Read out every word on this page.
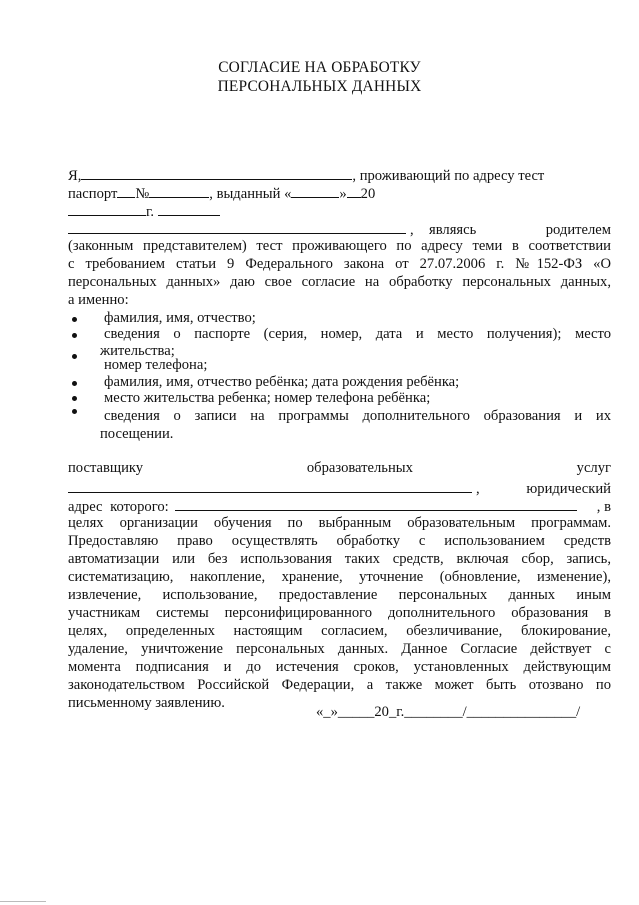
СОГЛАСИЕ НА ОБРАБОТКУ
ПЕРСОНАЛЬНЫХ ДАННЫХ
Я,	, проживающий по адресу тест
паспорт №	, выданный «	» 20
г.
, являясь родителем
(законным представителем) тест проживающего по адресу теми в соответствии
с требованием статьи 9 Федерального закона от 27.07.2006 г. №152-ФЗ «О
персональных данных» даю свое согласие на обработку персональных данных,
а именно:
фамилия, имя, отчество;
сведения о паспорте (серия, номер, дата и место получения); место
жительства;
номер телефона;
фамилия, имя, отчество ребёнка; дата рождения ребёнка;
место жительства ребенка; номер телефона ребёнка;
сведения о записи на программы дополнительного образования и их
посещении.
поставщику образовательных услуг
,	юридический
адрес которого:	, в
целях организации обучения по выбранным образовательным программам.
Предоставляю право осуществлять обработку с использованием средств
автоматизации или без использования таких средств, включая сбор, запись,
систематизацию, накопление, хранение, уточнение (обновление, изменение),
извлечение, использование, предоставление персональных данных иным
участникам системы персонифицированного дополнительного образования в
целях, определенных настоящим согласием, обезличивание, блокирование,
удаление, уничтожение персональных данных. Данное Согласие действует с
момента подписания и до истечения сроков, установленных действующим
законодательством Российской Федерации, а также может быть отозвано по
письменному заявлению.
«_»_____20_г.________/_______________/
